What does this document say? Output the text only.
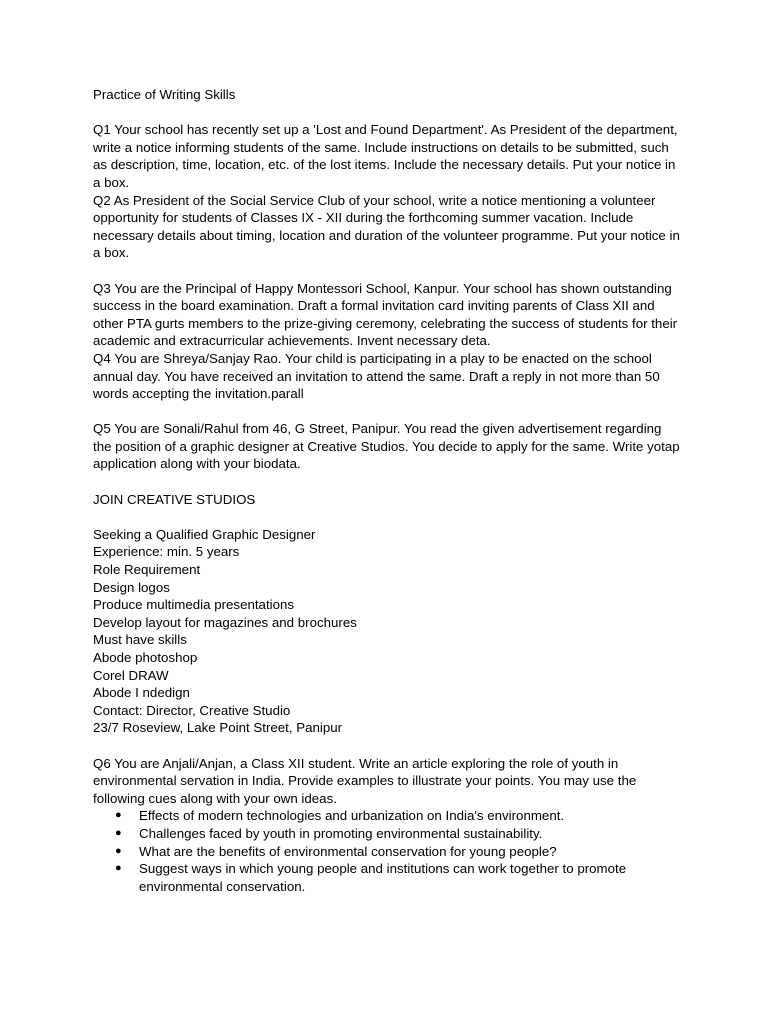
Practice of Writing Skills

Q1 Your school has recently set up a 'Lost and Found Department'. As President of the department, write a notice informing students of the same. Include instructions on details to be submitted, such as description, time, location, etc. of the lost items. Include the necessary details. Put your notice in a box.

Q2 As President of the Social Service Club of your school, write a notice mentioning a volunteer opportunity for students of Classes IX - XII during the forthcoming summer vacation. Include necessary details about timing, location and duration of the volunteer programme. Put your notice in a box.

Q3 You are the Principal of Happy Montessori School, Kanpur. Your school has shown outstanding success in the board examination. Draft a formal invitation card inviting parents of Class XII and other PTA gurts members to the prize-giving ceremony, celebrating the success of students for their academic and extracurricular achievements. Invent necessary deta.

Q4 You are Shreya/Sanjay Rao. Your child is participating in a play to be enacted on the school annual day. You have received an invitation to attend the same. Draft a reply in not more than 50 words accepting the invitation.parall

Q5 You are Sonali/Rahul from 46, G Street, Panipur. You read the given advertisement regarding the position of a graphic designer at Creative Studios. You decide to apply for the same. Write yotap application along with your biodata.

JOIN CREATIVE STUDIOS

Seeking a Qualified Graphic Designer

Experience: min. 5 years

Role Requirement

Design logos

Produce multimedia presentations

Develop layout for magazines and brochures

Must have skills

Abode photoshop

Corel DRAW

Abode I ndedign

Contact: Director, Creative Studio

23/7 Roseview, Lake Point Street, Panipur

Q6 You are Anjali/Anjan, a Class XII student. Write an article exploring the role of youth in environmental servation in India. Provide examples to illustrate your points. You may use the following cues along with your own ideas.

● Effects of modern technologies and urbanization on India's environment.
● Challenges faced by youth in promoting environmental sustainability.
● What are the benefits of environmental conservation for young people?
● Suggest ways in which young people and institutions can work together to promote environmental conservation.
